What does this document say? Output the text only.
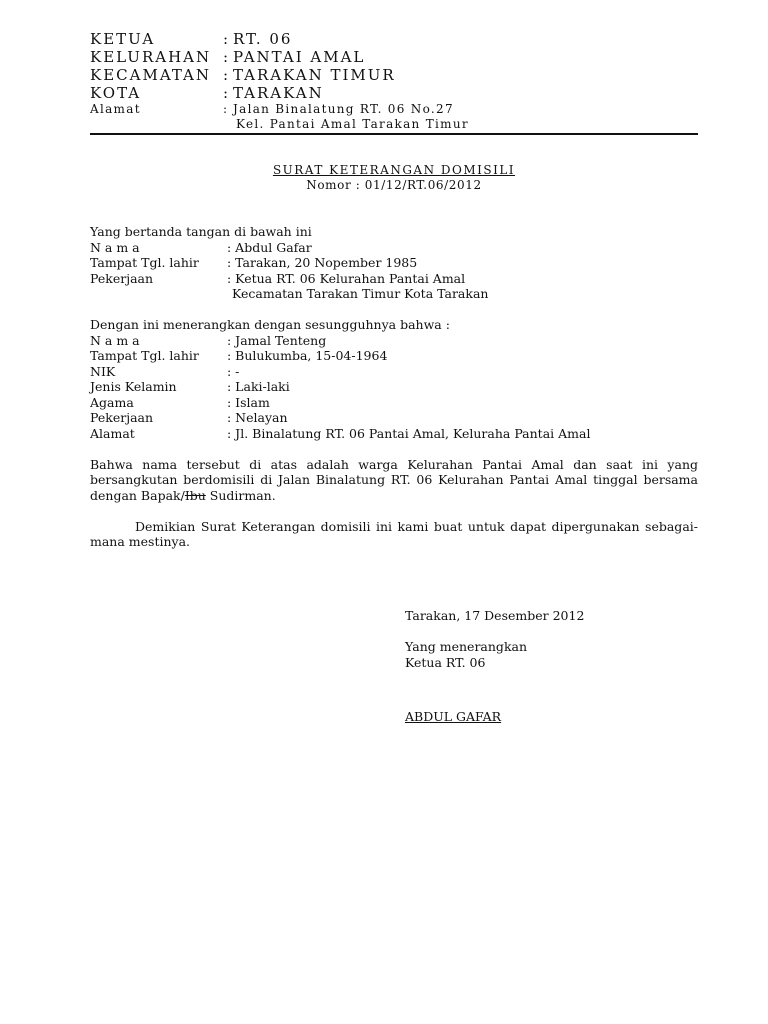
KETUA	: RT. 06
KELURAHAN : PANTAI AMAL
KECAMATAN : TARAKAN TIMUR
KOTA	: TARAKAN
Alamat	: Jalan Binalatung RT. 06 No.27
Kel. Pantai Amal Tarakan Timur
SURAT KETERANGAN DOMISILI
Nomor : 01/12/RT.06/2012
Yang bertanda tangan di bawah ini
N a m a	: Abdul Gafar
Tampat Tgl. lahir	: Tarakan, 20 Nopember 1985
Pekerjaan	: Ketua RT. 06 Kelurahan Pantai Amal
Kecamatan Tarakan Timur Kota Tarakan
Dengan ini menerangkan dengan sesungguhnya bahwa :
N a m a	: Jamal Tenteng
Tampat Tgl. lahir	: Bulukumba, 15-04-1964
NIK	: -
Jenis Kelamin	: Laki-laki
Agama	: Islam
Pekerjaan	: Nelayan
Alamat	: Jl. Binalatung RT. 06 Pantai Amal, Keluraha Pantai Amal
Bahwa nama tersebut di atas adalah warga Kelurahan Pantai Amal dan saat ini yang bersangkutan berdomisili di Jalan Binalatung RT. 06 Kelurahan Pantai Amal tinggal bersama dengan Bapak/Ibu Sudirman.
Demikian Surat Keterangan domisili ini kami buat untuk dapat dipergunakan sebagai-mana mestinya.
Tarakan, 17 Desember 2012
Yang menerangkan
Ketua RT. 06
ABDUL GAFAR
